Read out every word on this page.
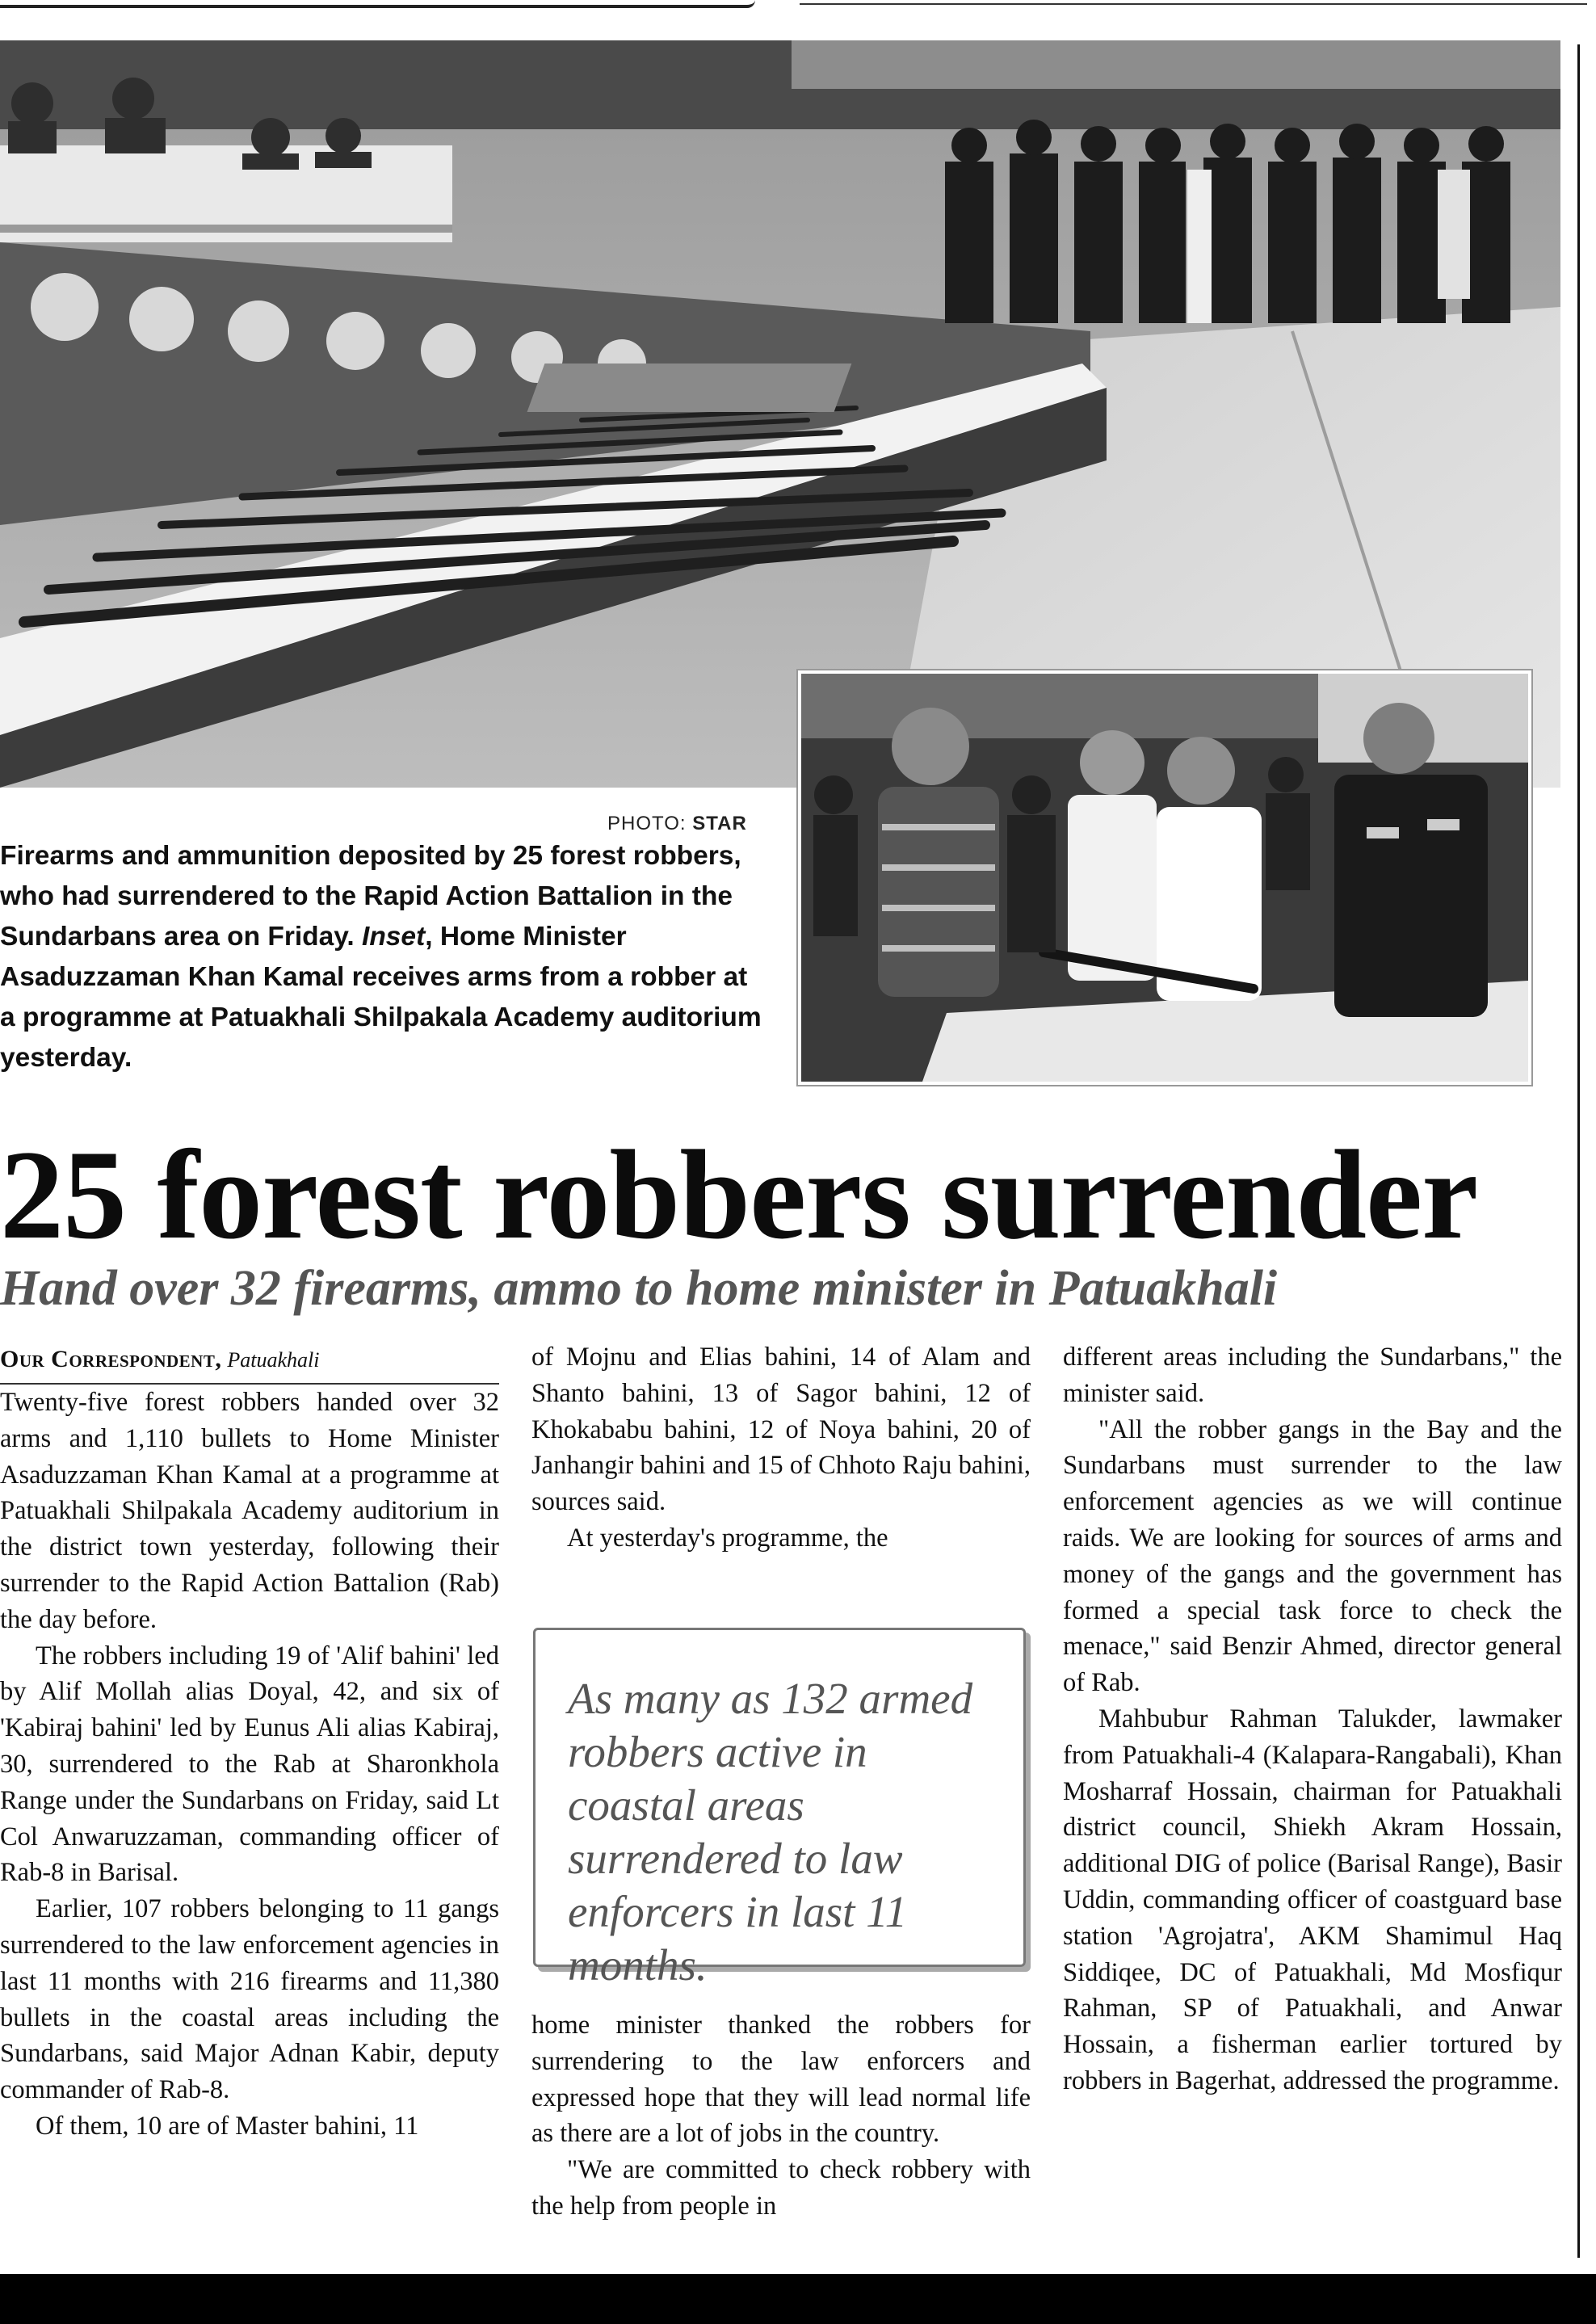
PHOTO: STAR

Firearms and ammunition deposited by 25 forest robbers, who had surrendered to the Rapid Action Battalion in the Sundarbans area on Friday. Inset, Home Minister Asaduzzaman Khan Kamal receives arms from a robber at a programme at Patuakhali Shilpakala Academy auditorium yesterday.

25 forest robbers surrender
Hand over 32 firearms, ammo to home minister in Patuakhali
Our Correspondent, Patuakhali

Twenty-five forest robbers handed over 32 arms and 1,110 bullets to Home Minister Asaduzzaman Khan Kamal at a programme at Patuakhali Shilpakala Academy auditorium in the district town yesterday, following their surrender to the Rapid Action Battalion (Rab) the day before.

The robbers including 19 of 'Alif bahini' led by Alif Mollah alias Doyal, 42, and six of 'Kabiraj bahini' led by Eunus Ali alias Kabiraj, 30, surrendered to the Rab at Sharonkhola Range under the Sundarbans on Friday, said Lt Col Anwaruzzaman, commanding officer of Rab-8 in Barisal.

Earlier, 107 robbers belonging to 11 gangs surrendered to the law enforcement agencies in last 11 months with 216 firearms and 11,380 bullets in the coastal areas including the Sundarbans, said Major Adnan Kabir, deputy commander of Rab-8.

Of them, 10 are of Master bahini, 11

of Mojnu and Elias bahini, 14 of Alam and Shanto bahini, 13 of Sagor bahini, 12 of Khokababu bahini, 12 of Noya bahini, 20 of Janhangir bahini and 15 of Chhoto Raju bahini, sources said.

At yesterday's programme, the

As many as 132 armed robbers active in coastal areas surrendered to law enforcers in last 11 months.

home minister thanked the robbers for surrendering to the law enforcers and expressed hope that they will lead normal life as there are a lot of jobs in the country.

"We are committed to check robbery with the help from people in

different areas including the Sundarbans," the minister said.

"All the robber gangs in the Bay and the Sundarbans must surrender to the law enforcement agencies as we will continue raids. We are looking for sources of arms and money of the gangs and the government has formed a special task force to check the menace," said Benzir Ahmed, director general of Rab.

Mahbubur Rahman Talukder, lawmaker from Patuakhali-4 (Kalapara-Rangabali), Khan Mosharraf Hossain, chairman for Patuakhali district council, Shiekh Akram Hossain, additional DIG of police (Barisal Range), Basir Uddin, commanding officer of coastguard base station 'Agrojatra', AKM Shamimul Haq Siddiqee, DC of Patuakhali, Md Mosfiqur Rahman, SP of Patuakhali, and Anwar Hossain, a fisherman earlier tortured by robbers in Bagerhat, addressed the programme.
